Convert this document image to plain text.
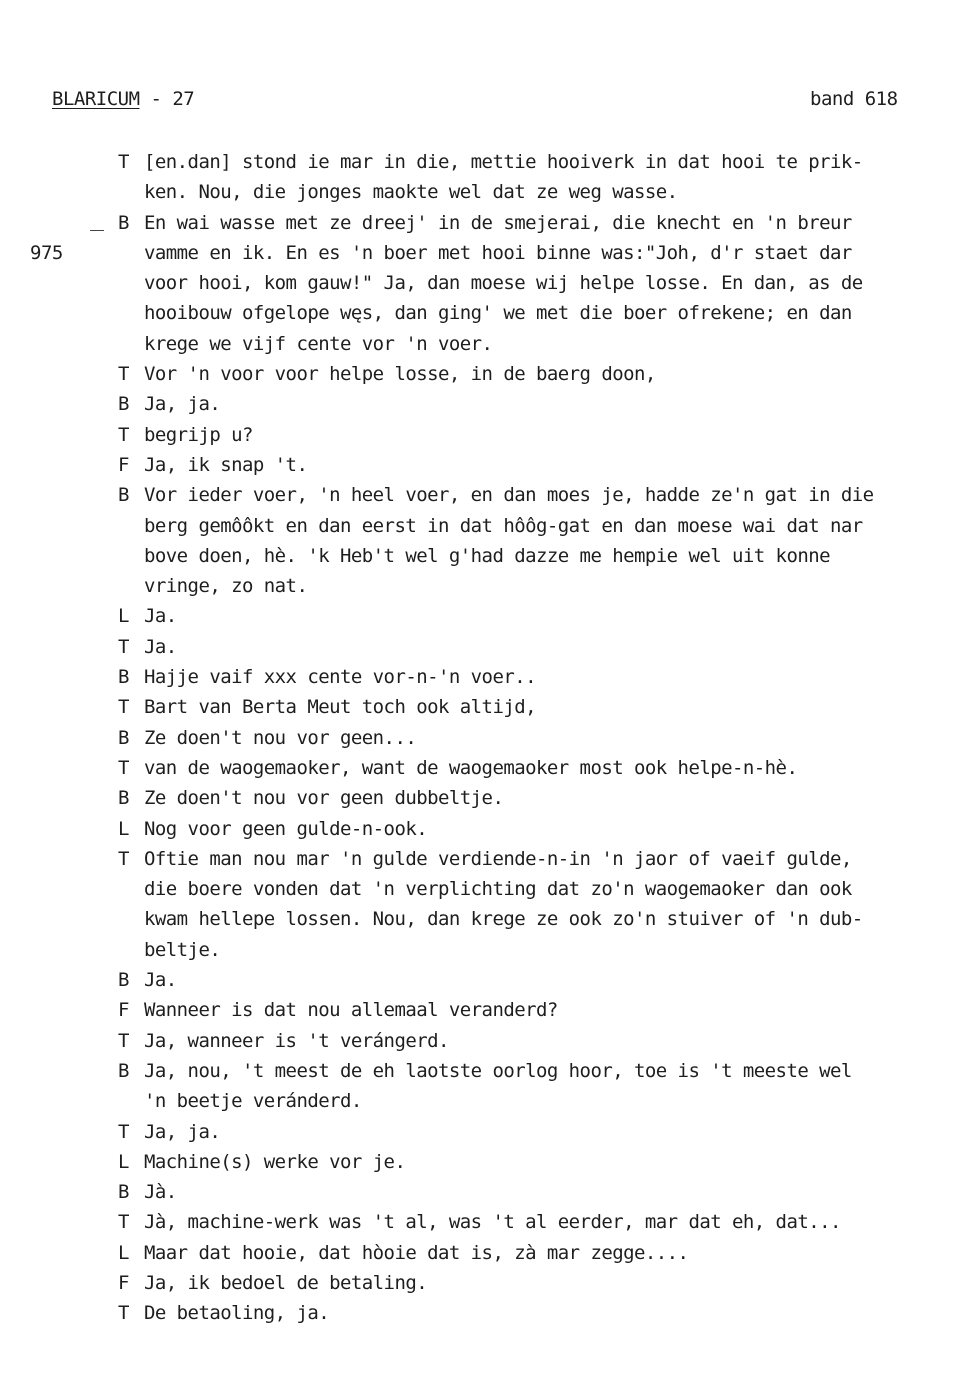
BLARICUM - 27	band 618
975
T [en.dan] stond ie mar in die, mettie hooiverk in dat hooi te prik-
ken. Nou, die jonges maokte wel dat ze weg wasse.
B En wai wasse met ze dreej' in de smejerai, die knecht en 'n breur
vamme en ik. En es 'n boer met hooi binne was:"Joh, d'r staet dar
voor hooi, kom gauw!" Ja, dan moese wij helpe losse. En dan, as de
hooibouw ofgelope węs, dan ging' we met die boer ofrekene; en dan
krege we vijf cente vor 'n voer.
T Vor 'n voor voor helpe losse, in de baerg doon,
B Ja, ja.
T begrijp u?
F Ja, ik snap 't.
B Vor ieder voer, 'n heel voer, en dan moes je, hadde ze'n gat in die
berg gemôôkt en dan eerst in dat hôôg-gat en dan moese wai dat nar
bove doen, hè. 'k Heb't wel g'had dazze me hempie wel uit konne
vringe, zo nat.
L Ja.
T Ja.
B Hajje vaif xxx cente vor-n-'n voer..
T Bart van Berta Meut toch ook altijd,
B Ze doen't nou vor geen...
T van de waogemaoker, want de waogemaoker most ook helpe-n-hè.
B Ze doen't nou vor geen dubbeltje.
L Nog voor geen gulde-n-ook.
T Oftie man nou mar 'n gulde verdiende-n-in 'n jaor of vaeif gulde,
die boere vonden dat 'n verplichting dat zo'n waogemaoker dan ook
kwam hellepe lossen. Nou, dan krege ze ook zo'n stuiver of 'n dub-
beltje.
B Ja.
F Wanneer is dat nou allemaal veranderd?
T Ja, wanneer is 't verángerd.
B Ja, nou, 't meest de eh laotste oorlog hoor, toe is 't meeste wel
'n beetje veránderd.
T Ja, ja.
L Machine(s) werke vor je.
B Jà.
T Jà, machine-werk was 't al, was 't al eerder, mar dat eh, dat...
L Maar dat hooie, dat hòoie dat is, zà mar zegge....
F Ja, ik bedoel de betaling.
T De betaoling, ja.
